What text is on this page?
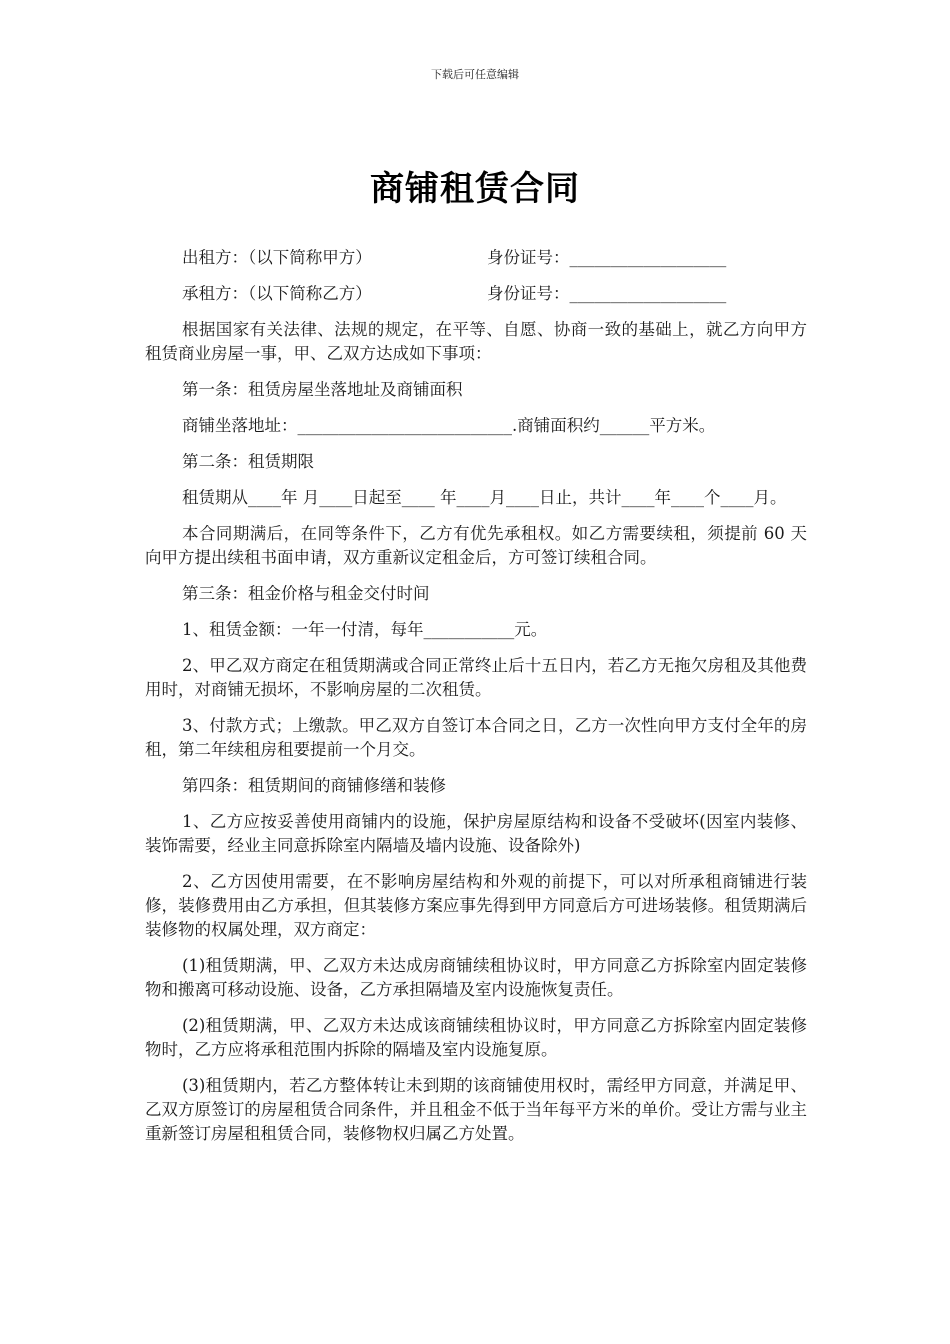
下载后可任意编辑
商铺租赁合同
出租方：（以下简称甲方）	身份证号：___________________
承租方：（以下简称乙方）	身份证号：___________________

根据国家有关法律、法规的规定，在平等、自愿、协商一致的基础上，就乙方向甲方租赁商业房屋一事，甲、乙双方达成如下事项：

第一条：租赁房屋坐落地址及商铺面积

商铺坐落地址：__________________________.商铺面积约______平方米。

第二条：租赁期限

租赁期从____年 月____日起至____ 年____月____日止，共计____年____个____月。

本合同期满后，在同等条件下，乙方有优先承租权。如乙方需要续租，须提前 60 天向甲方提出续租书面申请，双方重新议定租金后，方可签订续租合同。

第三条：租金价格与租金交付时间

1、租赁金额：一年一付清，每年___________元。

2、甲乙双方商定在租赁期满或合同正常终止后十五日内，若乙方无拖欠房租及其他费用时，对商铺无损坏，不影响房屋的二次租赁。

3、付款方式；上缴款。甲乙双方自签订本合同之日，乙方一次性向甲方支付全年的房租，第二年续租房租要提前一个月交。

第四条：租赁期间的商铺修缮和装修

1、乙方应按妥善使用商铺内的设施，保护房屋原结构和设备不受破坏(因室内装修、装饰需要，经业主同意拆除室内隔墙及墙内设施、设备除外)

2、乙方因使用需要，在不影响房屋结构和外观的前提下，可以对所承租商铺进行装修，装修费用由乙方承担，但其装修方案应事先得到甲方同意后方可进场装修。租赁期满后装修物的权属处理，双方商定：

(1)租赁期满，甲、乙双方未达成房商铺续租协议时，甲方同意乙方拆除室内固定装修物和搬离可移动设施、设备，乙方承担隔墙及室内设施恢复责任。

(2)租赁期满，甲、乙双方未达成该商铺续租协议时，甲方同意乙方拆除室内固定装修物时，乙方应将承租范围内拆除的隔墙及室内设施复原。

(3)租赁期内，若乙方整体转让未到期的该商铺使用权时，需经甲方同意，并满足甲、乙双方原签订的房屋租赁合同条件，并且租金不低于当年每平方米的单价。受让方需与业主重新签订房屋租租赁合同，装修物权归属乙方处置。
